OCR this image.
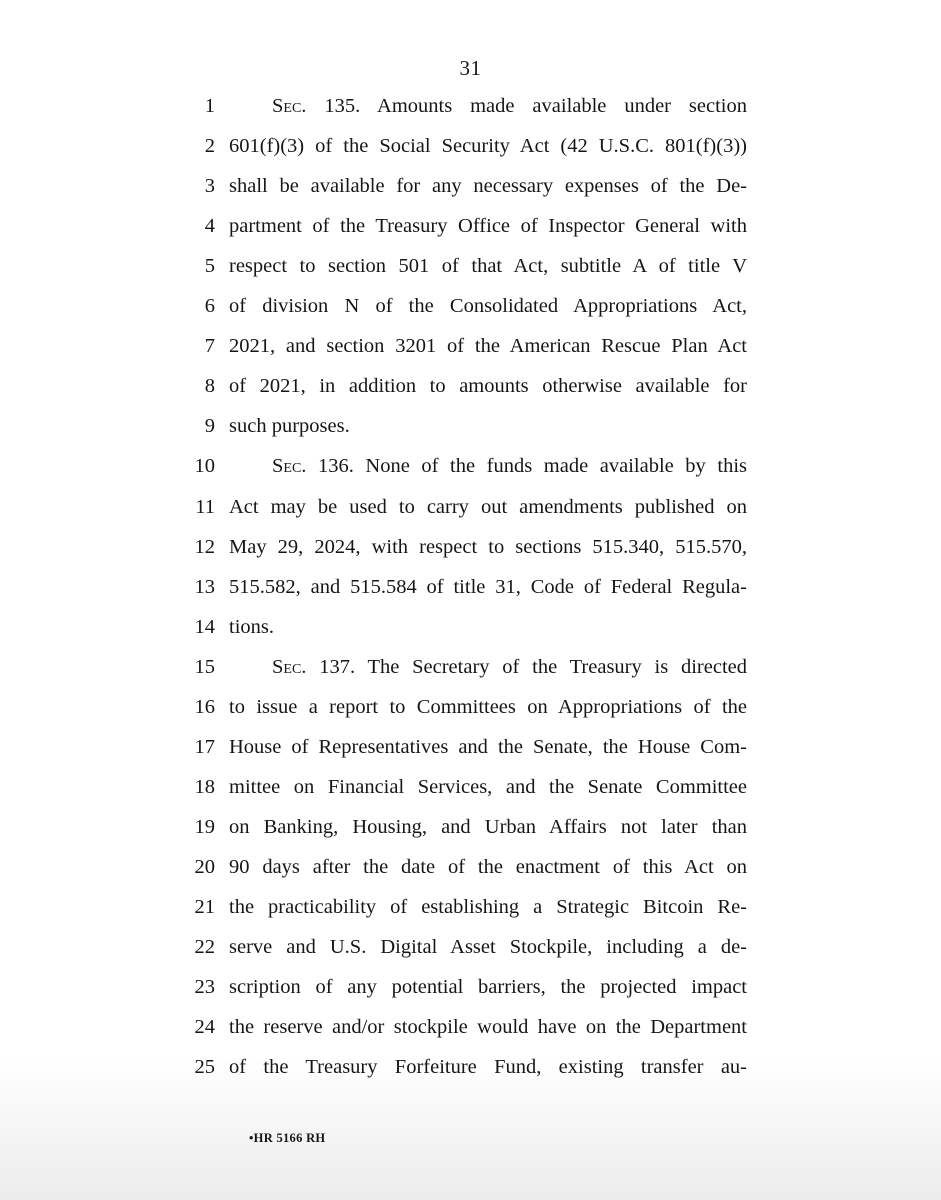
31
1	Sec. 135. Amounts made available under section
2 601(f)(3) of the Social Security Act (42 U.S.C. 801(f)(3))
3 shall be available for any necessary expenses of the De-
4 partment of the Treasury Office of Inspector General with
5 respect to section 501 of that Act, subtitle A of title V
6 of division N of the Consolidated Appropriations Act,
7 2021, and section 3201 of the American Rescue Plan Act
8 of 2021, in addition to amounts otherwise available for
9 such purposes.
10	Sec. 136. None of the funds made available by this
11 Act may be used to carry out amendments published on
12 May 29, 2024, with respect to sections 515.340, 515.570,
13 515.582, and 515.584 of title 31, Code of Federal Regula-
14 tions.
15	Sec. 137. The Secretary of the Treasury is directed
16 to issue a report to Committees on Appropriations of the
17 House of Representatives and the Senate, the House Com-
18 mittee on Financial Services, and the Senate Committee
19 on Banking, Housing, and Urban Affairs not later than
20 90 days after the date of the enactment of this Act on
21 the practicability of establishing a Strategic Bitcoin Re-
22 serve and U.S. Digital Asset Stockpile, including a de-
23 scription of any potential barriers, the projected impact
24 the reserve and/or stockpile would have on the Department
25 of the Treasury Forfeiture Fund, existing transfer au-
•HR 5166 RH
